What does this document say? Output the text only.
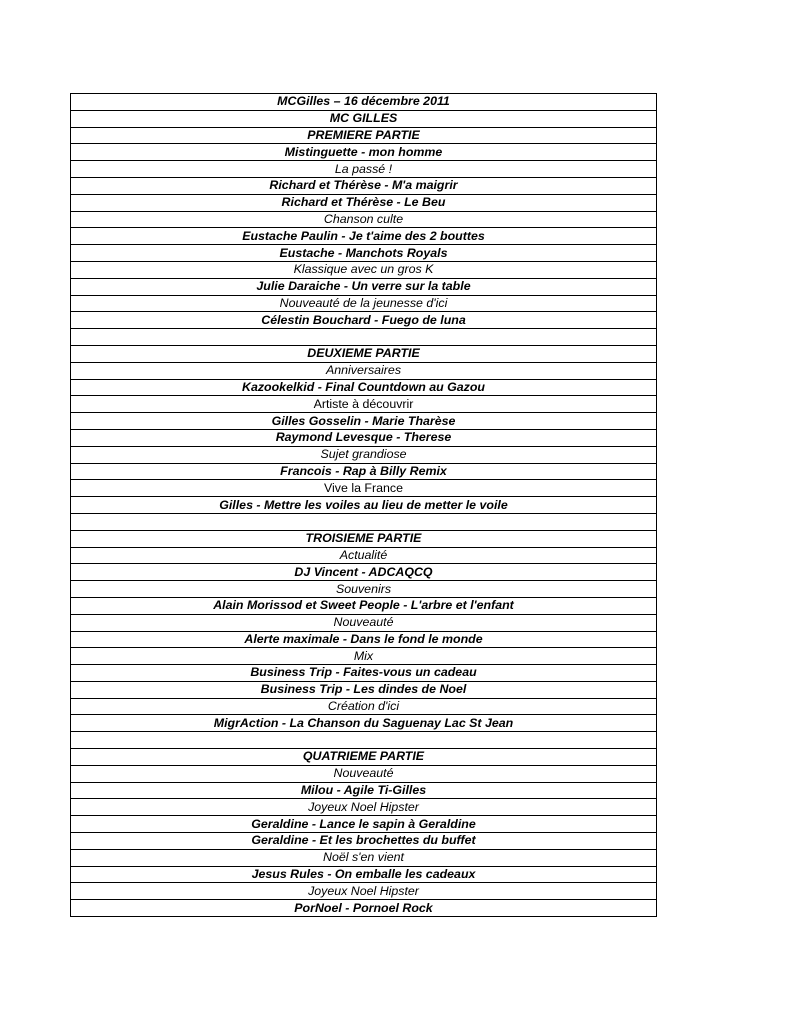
MCGilles – 16 décembre 2011
MC GILLES
PREMIERE PARTIE
Mistinguette - mon homme
La passé !
Richard et Thérèse - M'a maigrir
Richard et Thérèse - Le Beu
Chanson culte
Eustache Paulin - Je t'aime des 2 bouttes
Eustache - Manchots Royals
Klassique avec un gros K
Julie Daraiche - Un verre sur la table
Nouveauté de la jeunesse d'ici
Célestin Bouchard - Fuego de luna

DEUXIEME PARTIE
Anniversaires
Kazookelkid - Final Countdown au Gazou
Artiste à découvrir
Gilles Gosselin - Marie Tharèse
Raymond Levesque - Therese
Sujet grandiose
Francois - Rap à Billy Remix
Vive la France
Gilles - Mettre les voiles au lieu de metter le voile

TROISIEME PARTIE
Actualité
DJ Vincent - ADCAQCQ
Souvenirs
Alain Morissod et Sweet People - L'arbre et l'enfant
Nouveauté
Alerte maximale - Dans le fond le monde
Mix
Business Trip - Faites-vous un cadeau
Business Trip - Les dindes de Noel
Création d'ici
MigrAction - La Chanson du Saguenay Lac St Jean

QUATRIEME PARTIE
Nouveauté
Milou - Agile Ti-Gilles
Joyeux Noel Hipster
Geraldine - Lance le sapin à Geraldine
Geraldine - Et les brochettes du buffet
Noël s'en vient
Jesus Rules - On emballe les cadeaux
Joyeux Noel Hipster
PorNoel - Pornoel Rock
